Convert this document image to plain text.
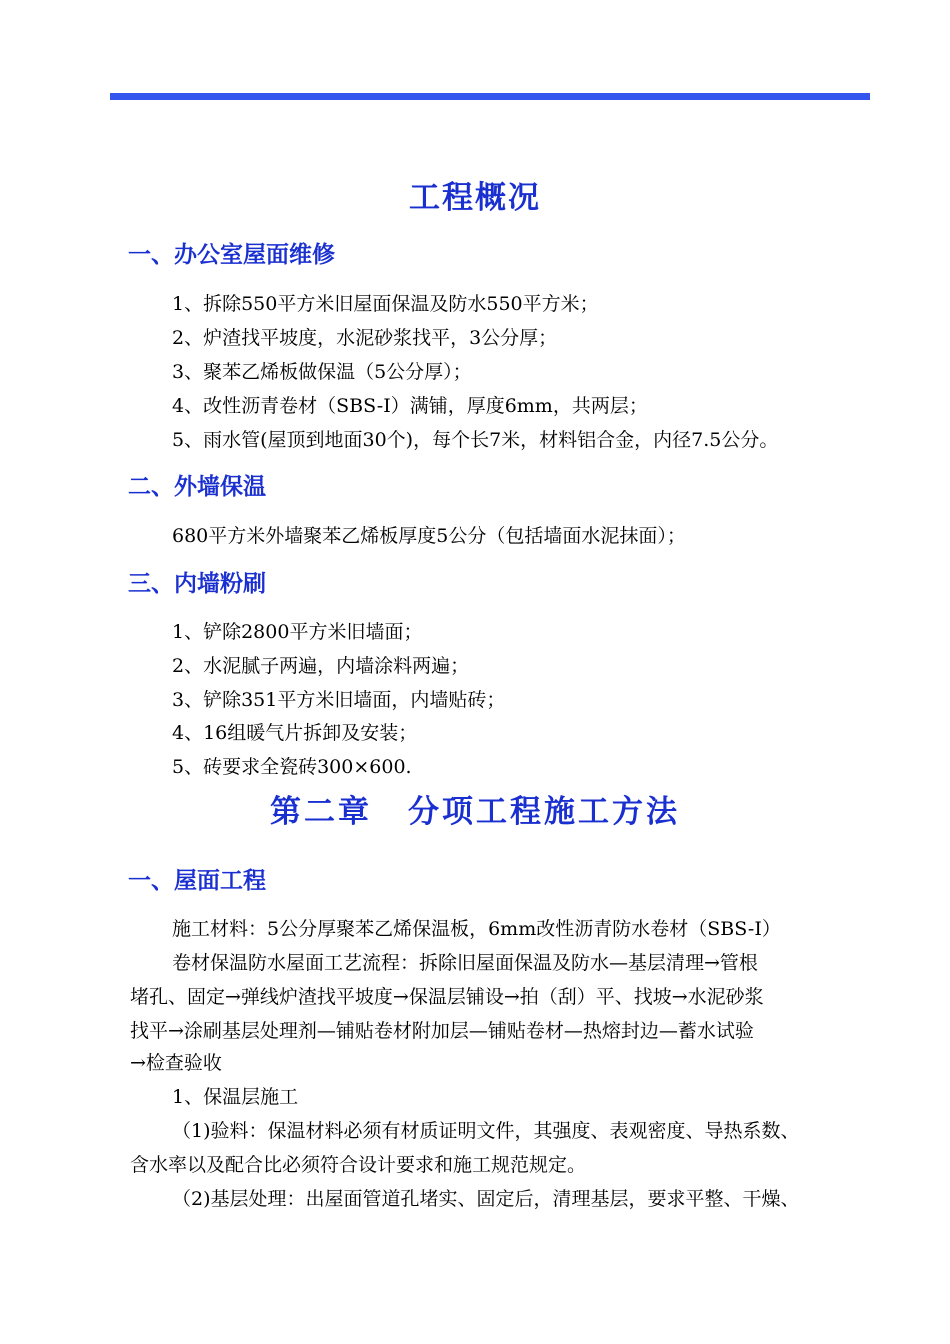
工程概况
一、办公室屋面维修

1、拆除550平方米旧屋面保温及防水550平方米；

2、炉渣找平坡度，水泥砂浆找平，3公分厚；

3、聚苯乙烯板做保温（5公分厚）；

4、改性沥青卷材（SBS-I）满铺，厚度6mm，共两层；

5、雨水管(屋顶到地面30个)，每个长7米，材料铝合金，内径7.5公分。

二、外墙保温

680平方米外墙聚苯乙烯板厚度5公分（包括墙面水泥抹面）；

三、内墙粉刷

1、铲除2800平方米旧墙面；

2、水泥腻子两遍，内墙涂料两遍；

3、铲除351平方米旧墙面，内墙贴砖；

4、16组暖气片拆卸及安装；

5、砖要求全瓷砖300×600.

第二章 分项工程施工方法
一、屋面工程

施工材料：5公分厚聚苯乙烯保温板，6mm改性沥青防水卷材（SBS-I）

卷材保温防水屋面工艺流程：拆除旧屋面保温及防水—基层清理→管根

堵孔、固定→弹线炉渣找平坡度→保温层铺设→拍（刮）平、找坡→水泥砂浆

找平→涂刷基层处理剂—铺贴卷材附加层—铺贴卷材—热熔封边—蓄水试验

→检查验收

1、保温层施工

（1)验料：保温材料必须有材质证明文件，其强度、表观密度、导热系数、

含水率以及配合比必须符合设计要求和施工规范规定。

（2)基层处理：出屋面管道孔堵实、固定后，清理基层，要求平整、干燥、
